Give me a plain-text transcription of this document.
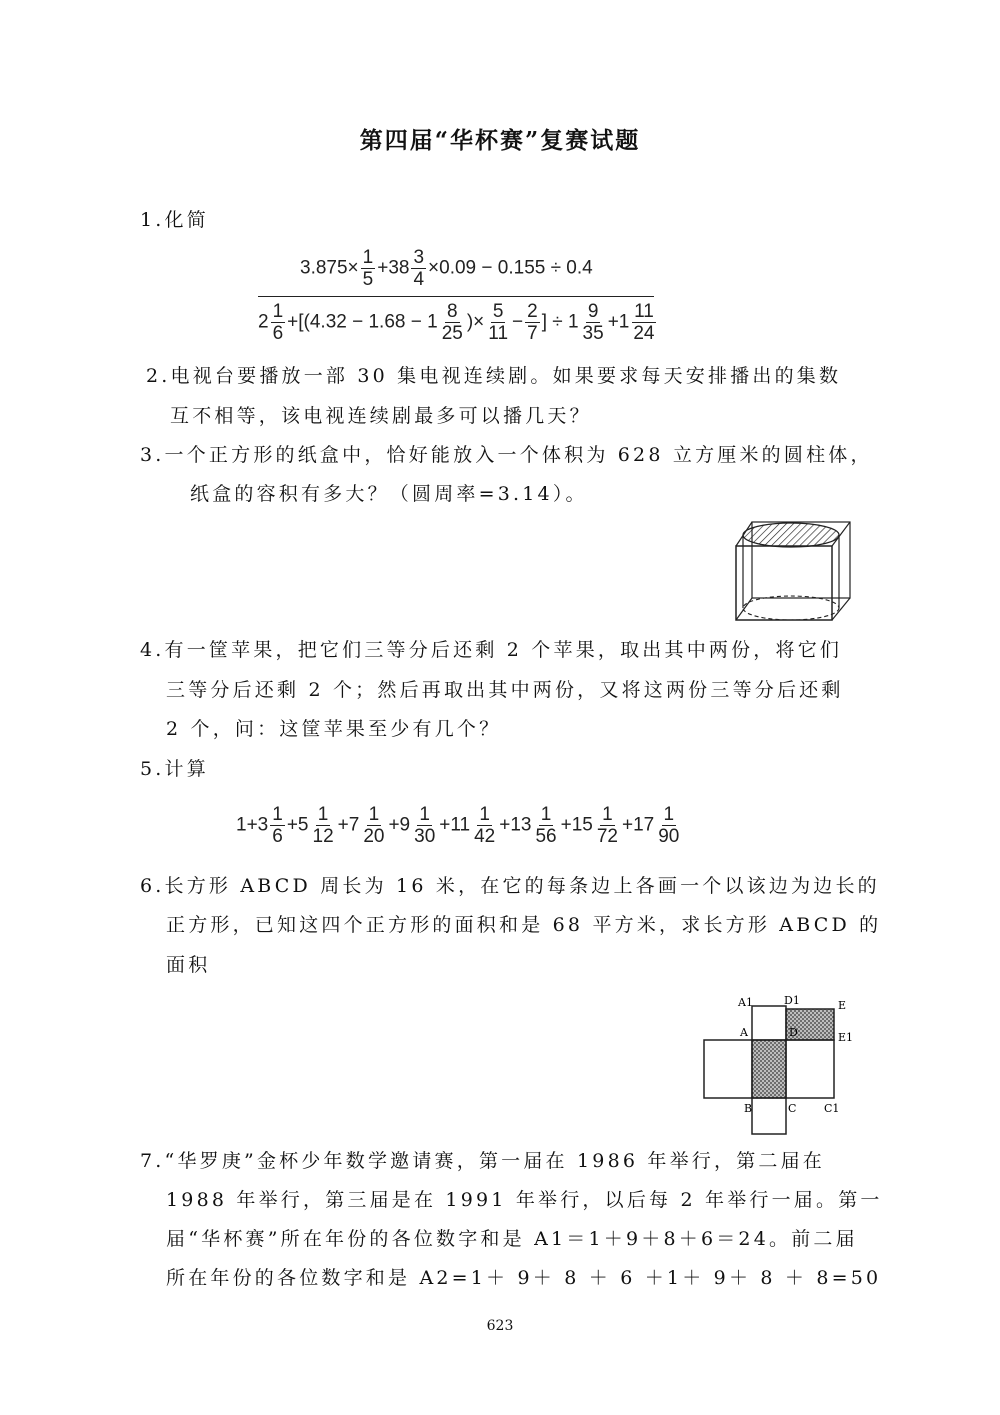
第四届“华杯赛”复赛试题
1.化简
$3.875\times \frac{1}{5} +38 \frac{3}{4} \times 0.09 - 0.155 \div 0.4$
$2 \frac{1}{6} +[(4.32 - 1.68 - 1 \frac{8}{25}$ )× $\frac{5}{11} - \frac{2}{7}$ ] ÷ $1 \frac{9}{35} +1 \frac{11}{24}$
2.电视台要播放一部 30 集电视连续剧。如果要求每天安排播出的集数
互不相等，该电视连续剧最多可以播几天？
3.一个正方形的纸盒中，恰好能放入一个体积为 628 立方厘米的圆柱体，
纸盒的容积有多大？（圆周率=3.14）。
4.有一筐苹果，把它们三等分后还剩 2 个苹果，取出其中两份，将它们
三等分后还剩 2 个；然后再取出其中两份，又将这两份三等分后还剩
2 个，问：这筐苹果至少有几个？
5.计算
$1+3 \frac{1}{6} +5 \frac{1}{12} +7 \frac{1}{20} +9 \frac{1}{30} +11 \frac{1}{42} +13 \frac{1}{56} +15 \frac{1}{72} +17 \frac{1}{90}$
6.长方形 ABCD 周长为 16 米，在它的每条边上各画一个以该边为边长的
正方形，已知这四个正方形的面积和是 68 平方米，求长方形 ABCD 的
面积
A1	D1	E
A	D	E1
B	C	C1
7.“华罗庚”金杯少年数学邀请赛，第一届在 1986 年举行，第二届在
1988 年举行，第三届是在 1991 年举行，以后每 2 年举行一届。第一
届“华杯赛”所在年份的各位数字和是 A1＝1＋9＋8＋6＝24。前二届
所在年份的各位数字和是 A2=1＋ 9＋ 8 ＋ 6 ＋1＋ 9＋ 8 ＋ 8=50
623
